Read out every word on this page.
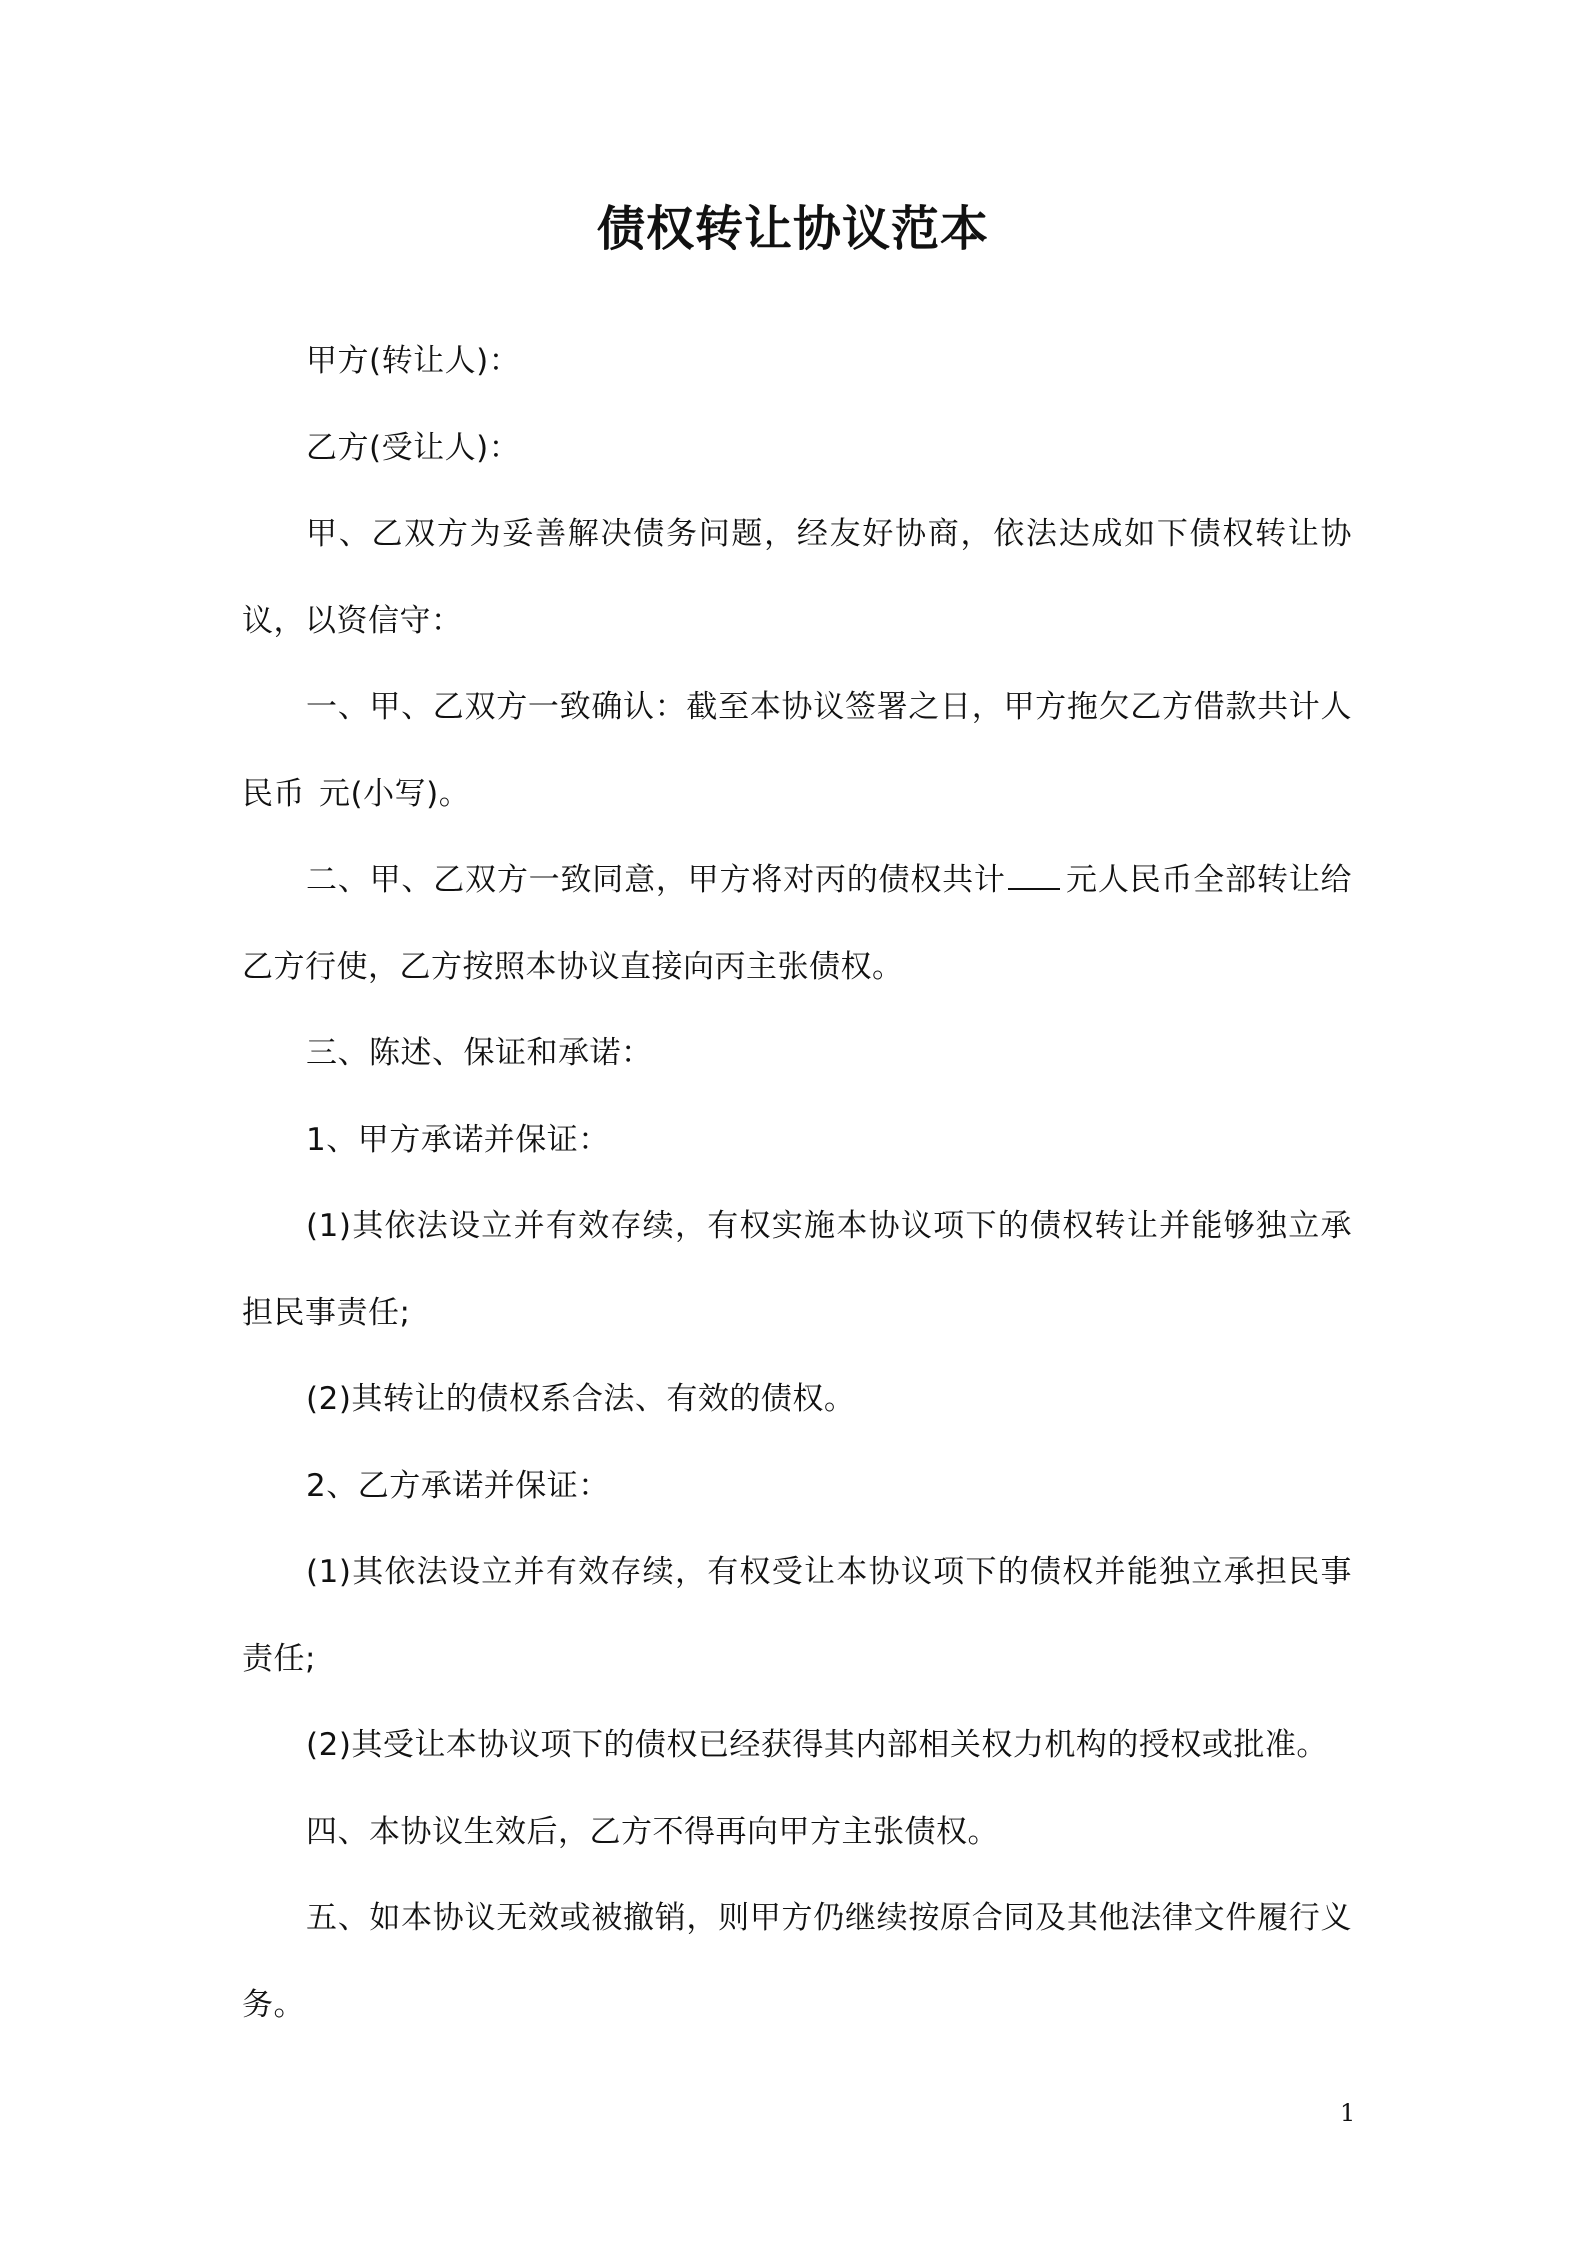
债权转让协议范本

甲方(转让人)：

乙方(受让人)：

甲、乙双方为妥善解决债务问题，经友好协商，依法达成如下债权转让协议，以资信守：

一、甲、乙双方一致确认：截至本协议签署之日，甲方拖欠乙方借款共计人民币 元(小写)。

二、甲、乙双方一致同意，甲方将对丙的债权共计 元人民币全部转让给乙方行使，乙方按照本协议直接向丙主张债权。

三、陈述、保证和承诺：

1、甲方承诺并保证：

(1)其依法设立并有效存续，有权实施本协议项下的债权转让并能够独立承担民事责任;

(2)其转让的债权系合法、有效的债权。

2、乙方承诺并保证：

(1)其依法设立并有效存续，有权受让本协议项下的债权并能独立承担民事责任;

(2)其受让本协议项下的债权已经获得其内部相关权力机构的授权或批准。

四、本协议生效后，乙方不得再向甲方主张债权。

五、如本协议无效或被撤销，则甲方仍继续按原合同及其他法律文件履行义务。

1
